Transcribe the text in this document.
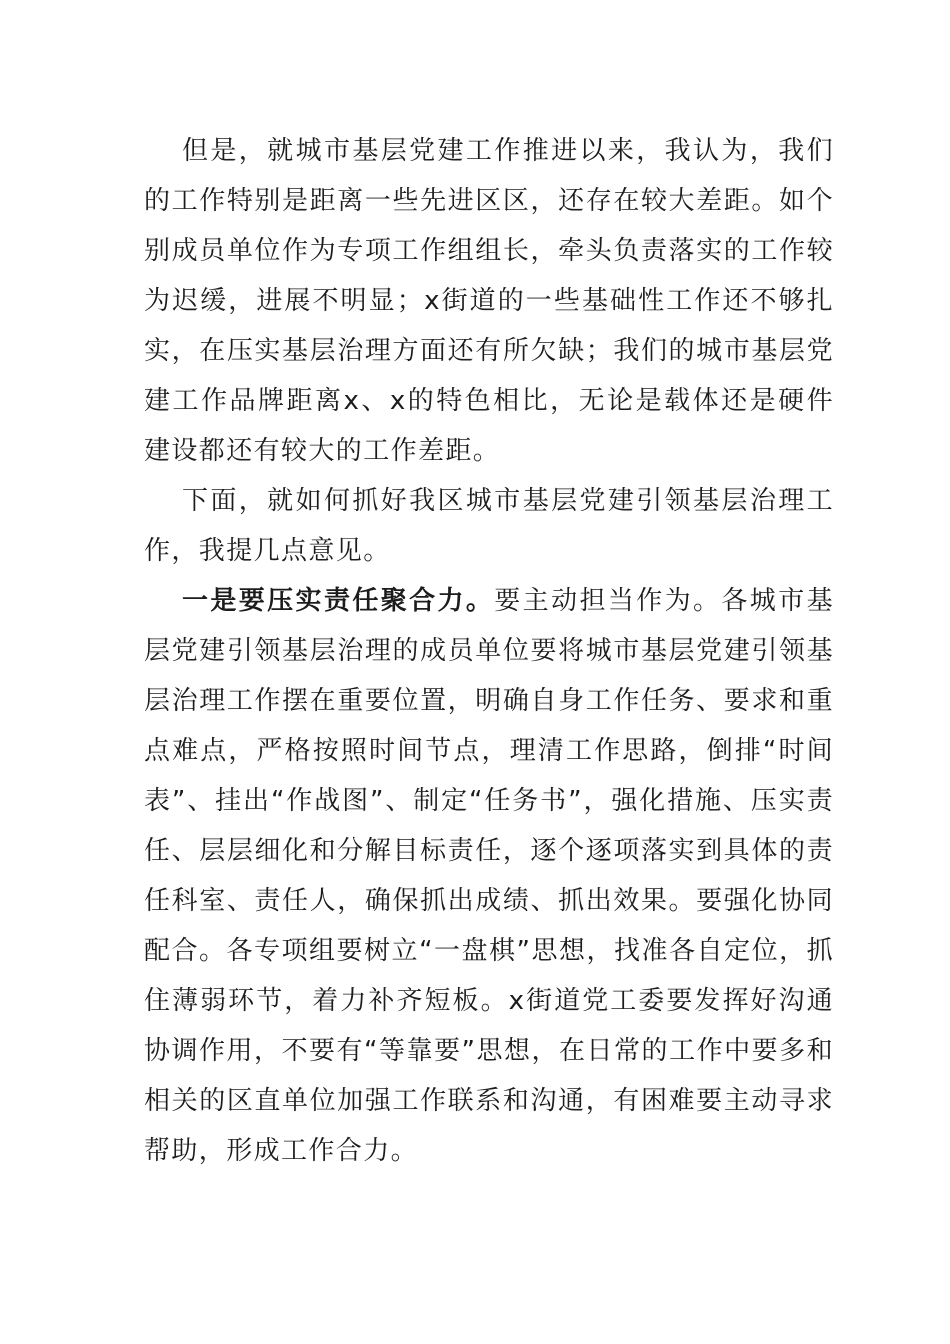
但是，就城市基层党建工作推进以来，我认为，我们的工作特别是距离一些先进区区，还存在较大差距。如个别成员单位作为专项工作组组长，牵头负责落实的工作较为迟缓，进展不明显；x街道的一些基础性工作还不够扎实，在压实基层治理方面还有所欠缺；我们的城市基层党建工作品牌距离x、x的特色相比，无论是载体还是硬件建设都还有较大的工作差距。

下面，就如何抓好我区城市基层党建引领基层治理工作，我提几点意见。

一是要压实责任聚合力。要主动担当作为。各城市基层党建引领基层治理的成员单位要将城市基层党建引领基层治理工作摆在重要位置，明确自身工作任务、要求和重点难点，严格按照时间节点，理清工作思路，倒排“时间表”、挂出“作战图”、制定“任务书”，强化措施、压实责任、层层细化和分解目标责任，逐个逐项落实到具体的责任科室、责任人，确保抓出成绩、抓出效果。要强化协同配合。各专项组要树立“一盘棋”思想，找准各自定位，抓住薄弱环节，着力补齐短板。x街道党工委要发挥好沟通协调作用，不要有“等靠要”思想，在日常的工作中要多和相关的区直单位加强工作联系和沟通，有困难要主动寻求帮助，形成工作合力。
